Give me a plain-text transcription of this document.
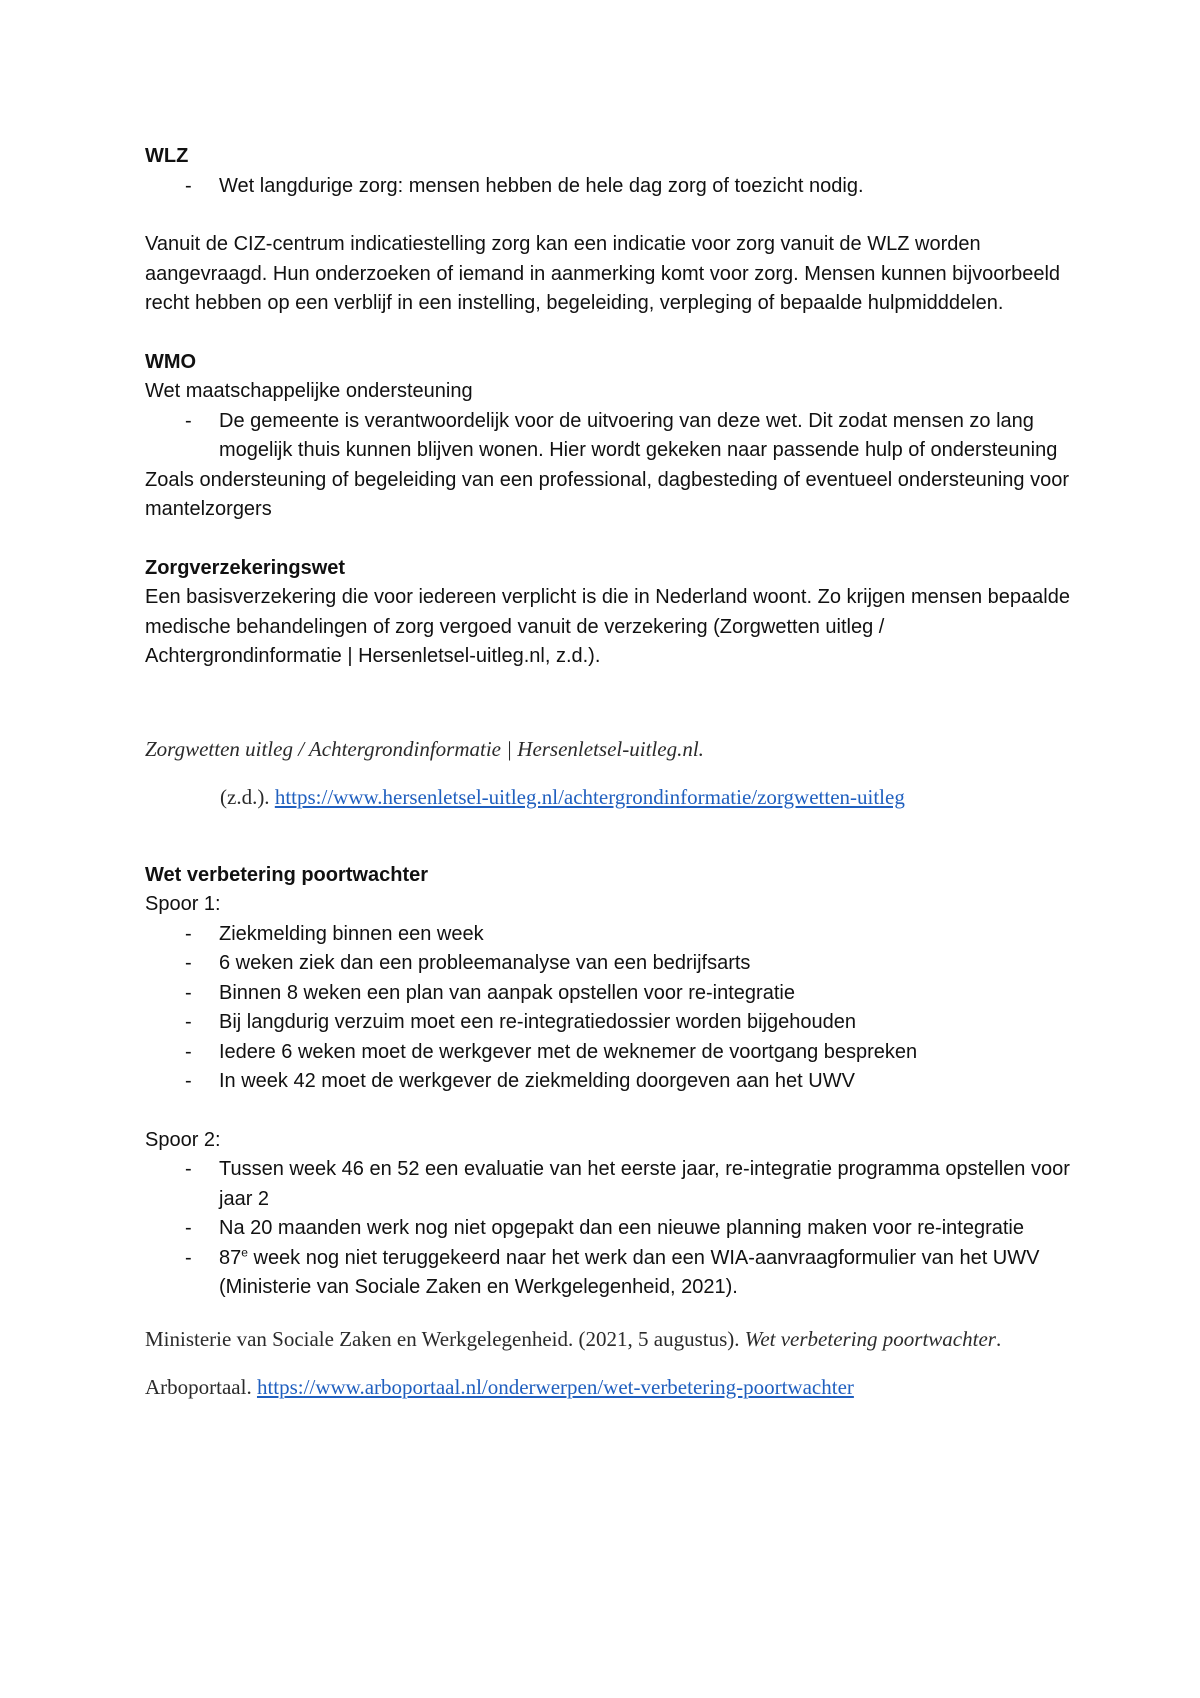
WLZ

- Wet langdurige zorg: mensen hebben de hele dag zorg of toezicht nodig.

Vanuit de CIZ-centrum indicatiestelling zorg kan een indicatie voor zorg vanuit de WLZ worden aangevraagd. Hun onderzoeken of iemand in aanmerking komt voor zorg. Mensen kunnen bijvoorbeeld recht hebben op een verblijf in een instelling, begeleiding, verpleging of bepaalde hulpmidddelen.

WMO

Wet maatschappelijke ondersteuning

- De gemeente is verantwoordelijk voor de uitvoering van deze wet. Dit zodat mensen zo lang mogelijk thuis kunnen blijven wonen. Hier wordt gekeken naar passende hulp of ondersteuning

Zoals ondersteuning of begeleiding van een professional, dagbesteding of eventueel ondersteuning voor mantelzorgers

Zorgverzekeringswet

Een basisverzekering die voor iedereen verplicht is die in Nederland woont. Zo krijgen mensen bepaalde medische behandelingen of zorg vergoed vanuit de verzekering (Zorgwetten uitleg / Achtergrondinformatie | Hersenletsel-uitleg.nl, z.d.).

Zorgwetten uitleg / Achtergrondinformatie | Hersenletsel-uitleg.nl.

(z.d.). https://www.hersenletsel-uitleg.nl/achtergrondinformatie/zorgwetten-uitleg

Wet verbetering poortwachter

Spoor 1:

- Ziekmelding binnen een week
- 6 weken ziek dan een probleemanalyse van een bedrijfsarts
- Binnen 8 weken een plan van aanpak opstellen voor re-integratie
- Bij langdurig verzuim moet een re-integratiedossier worden bijgehouden
- Iedere 6 weken moet de werkgever met de weknemer de voortgang bespreken
- In week 42 moet de werkgever de ziekmelding doorgeven aan het UWV

Spoor 2:

- Tussen week 46 en 52 een evaluatie van het eerste jaar, re-integratie programma opstellen voor jaar 2
- Na 20 maanden werk nog niet opgepakt dan een nieuwe planning maken voor re-integratie
- 87e week nog niet teruggekeerd naar het werk dan een WIA-aanvraagformulier van het UWV (Ministerie van Sociale Zaken en Werkgelegenheid, 2021).

Ministerie van Sociale Zaken en Werkgelegenheid. (2021, 5 augustus). Wet verbetering poortwachter. Arboportaal. https://www.arboportaal.nl/onderwerpen/wet-verbetering-poortwachter
